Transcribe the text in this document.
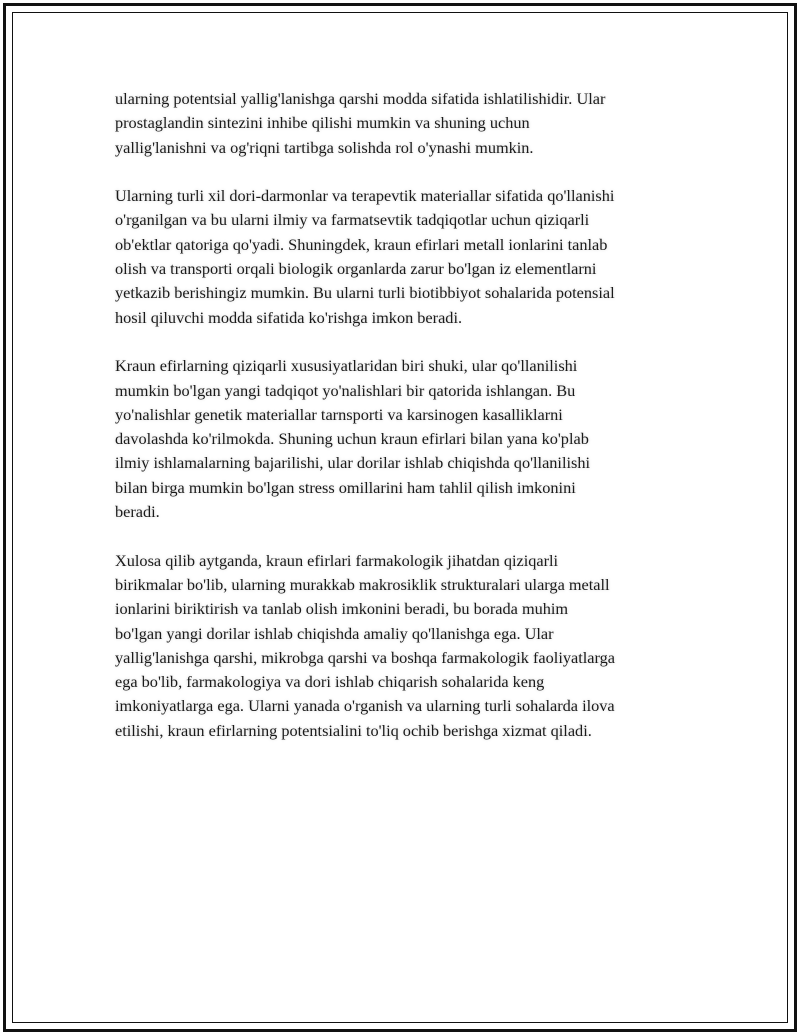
ularning potentsial yallig'lanishga qarshi modda sifatida ishlatilishidir. Ular
prostaglandin sintezini inhibe qilishi mumkin va shuning uchun
yallig'lanishni va og'riqni tartibga solishda rol o'ynashi mumkin.

Ularning turli xil dori-darmonlar va terapevtik materiallar sifatida qo'llanishi
o'rganilgan va bu ularni ilmiy va farmatsevtik tadqiqotlar uchun qiziqarli
ob'ektlar qatoriga qo'yadi. Shuningdek, kraun efirlari metall ionlarini tanlab
olish va transporti orqali biologik organlarda zarur bo'lgan iz elementlarni
yetkazib berishingiz mumkin. Bu ularni turli biotibbiyot sohalarida potensial
hosil qiluvchi modda sifatida ko'rishga imkon beradi.

Kraun efirlarning qiziqarli xususiyatlaridan biri shuki, ular qo'llanilishi
mumkin bo'lgan yangi tadqiqot yo'nalishlari bir qatorida ishlangan. Bu
yo'nalishlar genetik materiallar tarnsporti va karsinogen kasalliklarni
davolashda ko'rilmokda. Shuning uchun kraun efirlari bilan yana ko'plab
ilmiy ishlamalarning bajarilishi, ular dorilar ishlab chiqishda qo'llanilishi
bilan birga mumkin bo'lgan stress omillarini ham tahlil qilish imkonini
beradi.

Xulosa qilib aytganda, kraun efirlari farmakologik jihatdan qiziqarli
birikmalar bo'lib, ularning murakkab makrosiklik strukturalari ularga metall
ionlarini biriktirish va tanlab olish imkonini beradi, bu borada muhim
bo'lgan yangi dorilar ishlab chiqishda amaliy qo'llanishga ega. Ular
yallig'lanishga qarshi, mikrobga qarshi va boshqa farmakologik faoliyatlarga
ega bo'lib, farmakologiya va dori ishlab chiqarish sohalarida keng
imkoniyatlarga ega. Ularni yanada o'rganish va ularning turli sohalarda ilova
etilishi, kraun efirlarning potentsialini to'liq ochib berishga xizmat qiladi.
